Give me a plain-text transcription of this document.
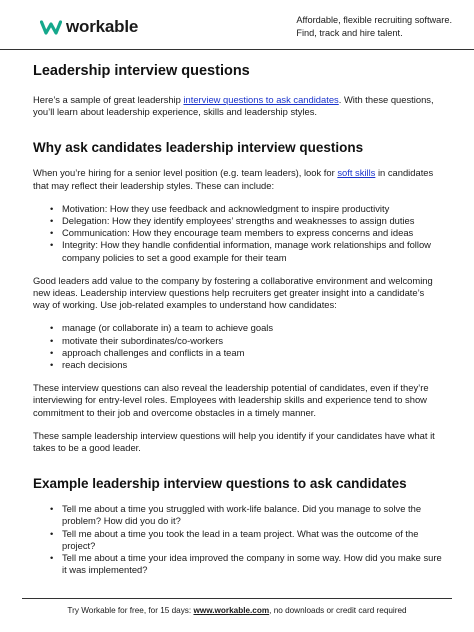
workable	Affordable, flexible recruiting software.
Find, track and hire talent.
Leadership interview questions

Here’s a sample of great leadership interview questions to ask candidates. With these questions, you’ll learn about leadership experience, skills and leadership styles.

Why ask candidates leadership interview questions

When you’re hiring for a senior level position (e.g. team leaders), look for soft skills in candidates that may reflect their leadership styles. These can include:

• Motivation: How they use feedback and acknowledgment to inspire productivity
• Delegation: How they identify employees’ strengths and weaknesses to assign duties
• Communication: How they encourage team members to express concerns and ideas
• Integrity: How they handle confidential information, manage work relationships and follow company policies to set a good example for their team

Good leaders add value to the company by fostering a collaborative environment and welcoming new ideas. Leadership interview questions help recruiters get greater insight into a candidate’s way of working. Use job-related examples to understand how candidates:

• manage (or collaborate in) a team to achieve goals
• motivate their subordinates/co-workers
• approach challenges and conflicts in a team
• reach decisions

These interview questions can also reveal the leadership potential of candidates, even if they’re interviewing for entry-level roles. Employees with leadership skills and experience tend to show commitment to their job and overcome obstacles in a timely manner.

These sample leadership interview questions will help you identify if your candidates have what it takes to be a good leader.

Example leadership interview questions to ask candidates
• Tell me about a time you struggled with work-life balance. Did you manage to solve the problem? How did you do it?
• Tell me about a time you took the lead in a team project. What was the outcome of the project?
• Tell me about a time your idea improved the company in some way. How did you make sure it was implemented?
Try Workable for free, for 15 days: www.workable.com, no downloads or credit card required
